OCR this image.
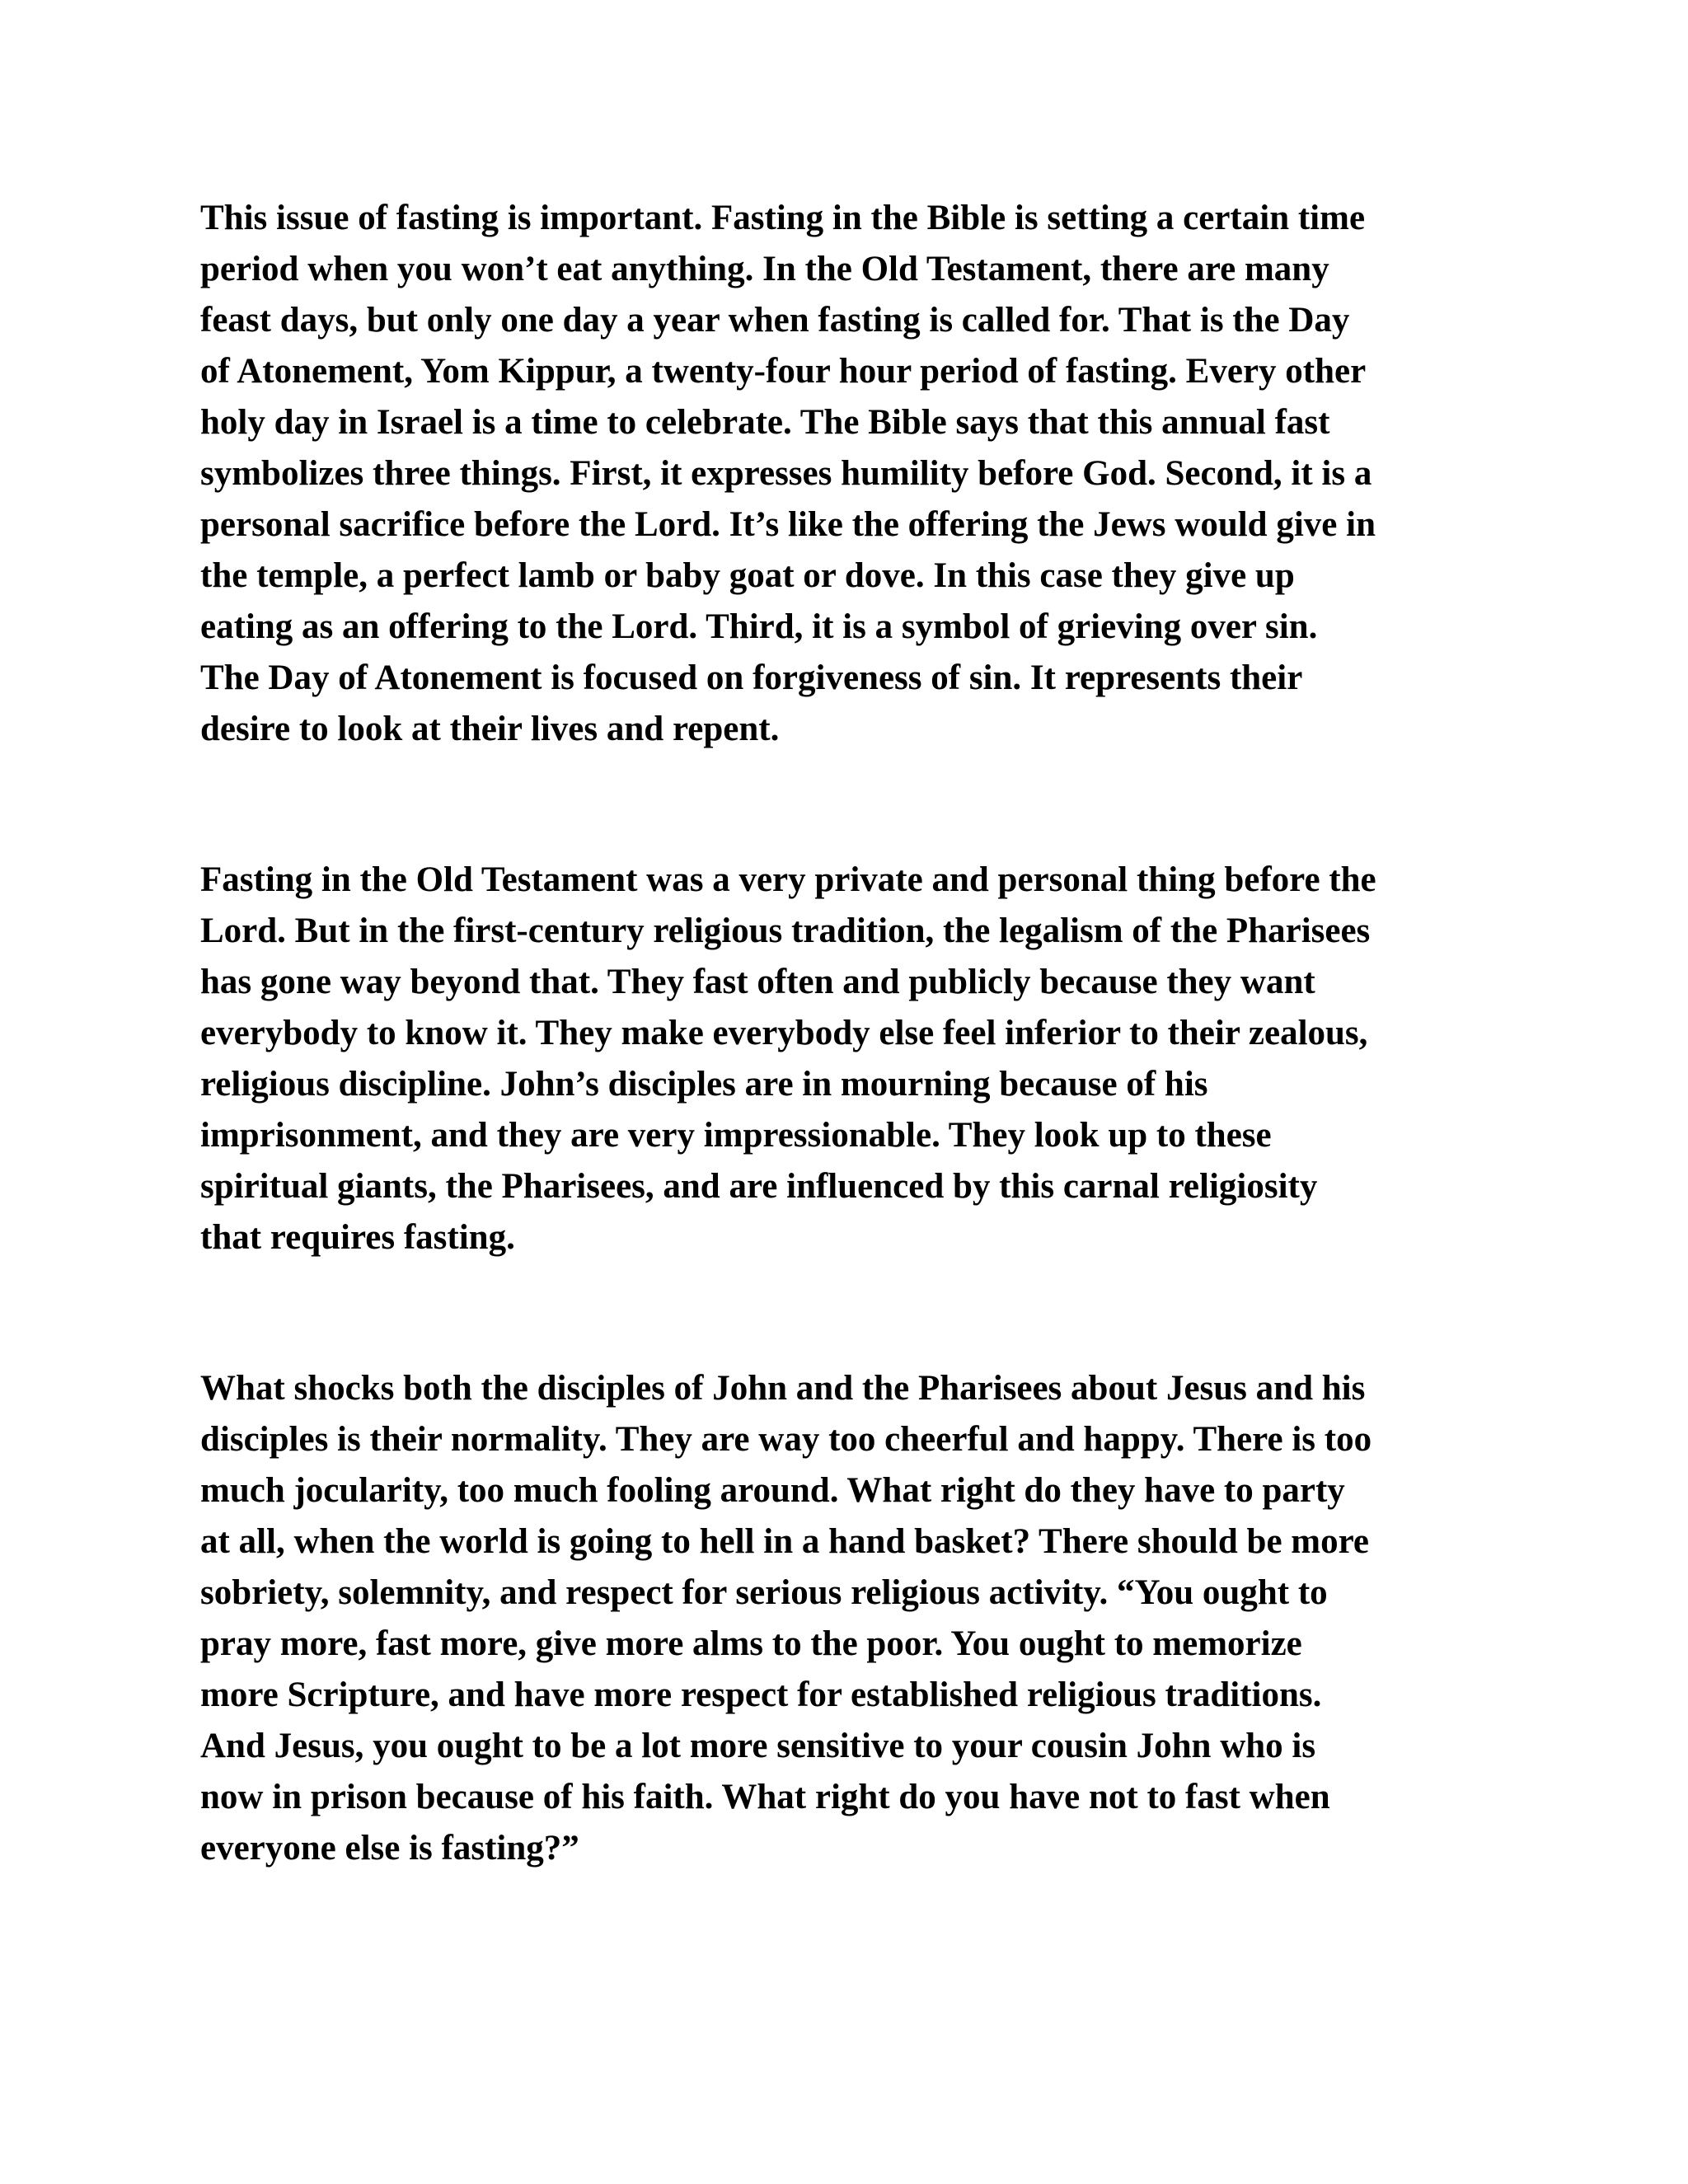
This issue of fasting is important. Fasting in the Bible is setting a certain time
period when you won’t eat anything. In the Old Testament, there are many
feast days, but only one day a year when fasting is called for. That is the Day
of Atonement, Yom Kippur, a twenty-four hour period of fasting. Every other
holy day in Israel is a time to celebrate. The Bible says that this annual fast
symbolizes three things. First, it expresses humility before God. Second, it is a
personal sacrifice before the Lord. It’s like the offering the Jews would give in
the temple, a perfect lamb or baby goat or dove. In this case they give up
eating as an offering to the Lord. Third, it is a symbol of grieving over sin.
The Day of Atonement is focused on forgiveness of sin. It represents their
desire to look at their lives and repent.

Fasting in the Old Testament was a very private and personal thing before the
Lord. But in the first-century religious tradition, the legalism of the Pharisees
has gone way beyond that. They fast often and publicly because they want
everybody to know it. They make everybody else feel inferior to their zealous,
religious discipline. John’s disciples are in mourning because of his
imprisonment, and they are very impressionable. They look up to these
spiritual giants, the Pharisees, and are influenced by this carnal religiosity
that requires fasting.

What shocks both the disciples of John and the Pharisees about Jesus and his
disciples is their normality. They are way too cheerful and happy. There is too
much jocularity, too much fooling around. What right do they have to party
at all, when the world is going to hell in a hand basket? There should be more
sobriety, solemnity, and respect for serious religious activity. “You ought to
pray more, fast more, give more alms to the poor. You ought to memorize
more Scripture, and have more respect for established religious traditions.
And Jesus, you ought to be a lot more sensitive to your cousin John who is
now in prison because of his faith. What right do you have not to fast when
everyone else is fasting?”
